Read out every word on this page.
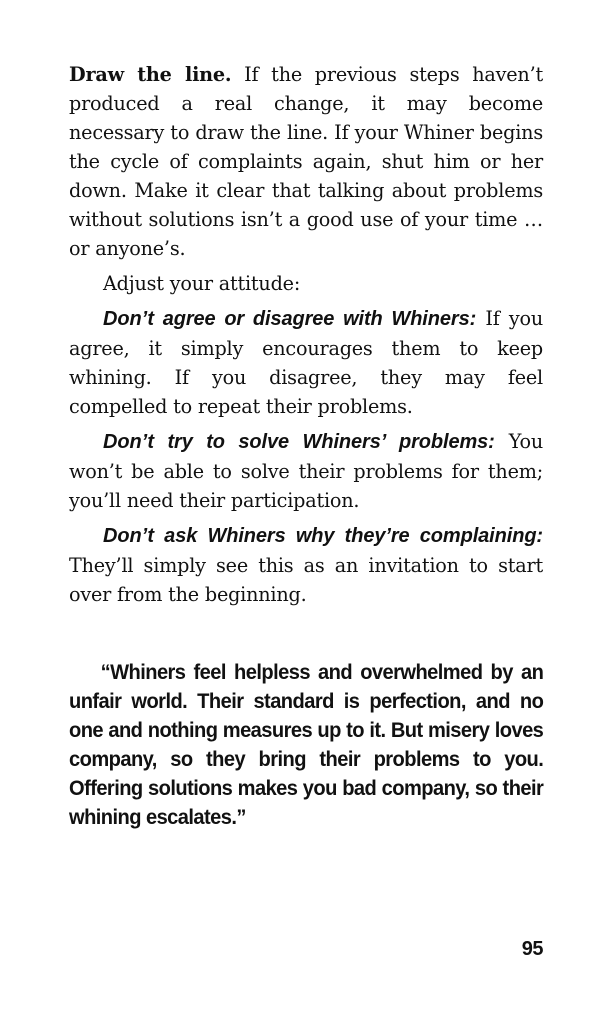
Draw the line. If the previous steps haven’t produced a real change, it may become necessary to draw the line. If your Whiner begins the cycle of complaints again, shut him or her down. Make it clear that talking about problems without solutions isn’t a good use of your time … or anyone’s.

Adjust your attitude:

Don’t agree or disagree with Whiners: If you agree, it simply encourages them to keep whining. If you disagree, they may feel compelled to repeat their problems.

Don’t try to solve Whiners’ problems: You won’t be able to solve their problems for them; you’ll need their participation.

Don’t ask Whiners why they’re complaining: They’ll simply see this as an invitation to start over from the beginning.

“Whiners feel helpless and overwhelmed by an unfair world. Their standard is perfection, and no one and nothing measures up to it. But misery loves company, so they bring their problems to you. Offering solutions makes you bad company, so their whining escalates.”

95
